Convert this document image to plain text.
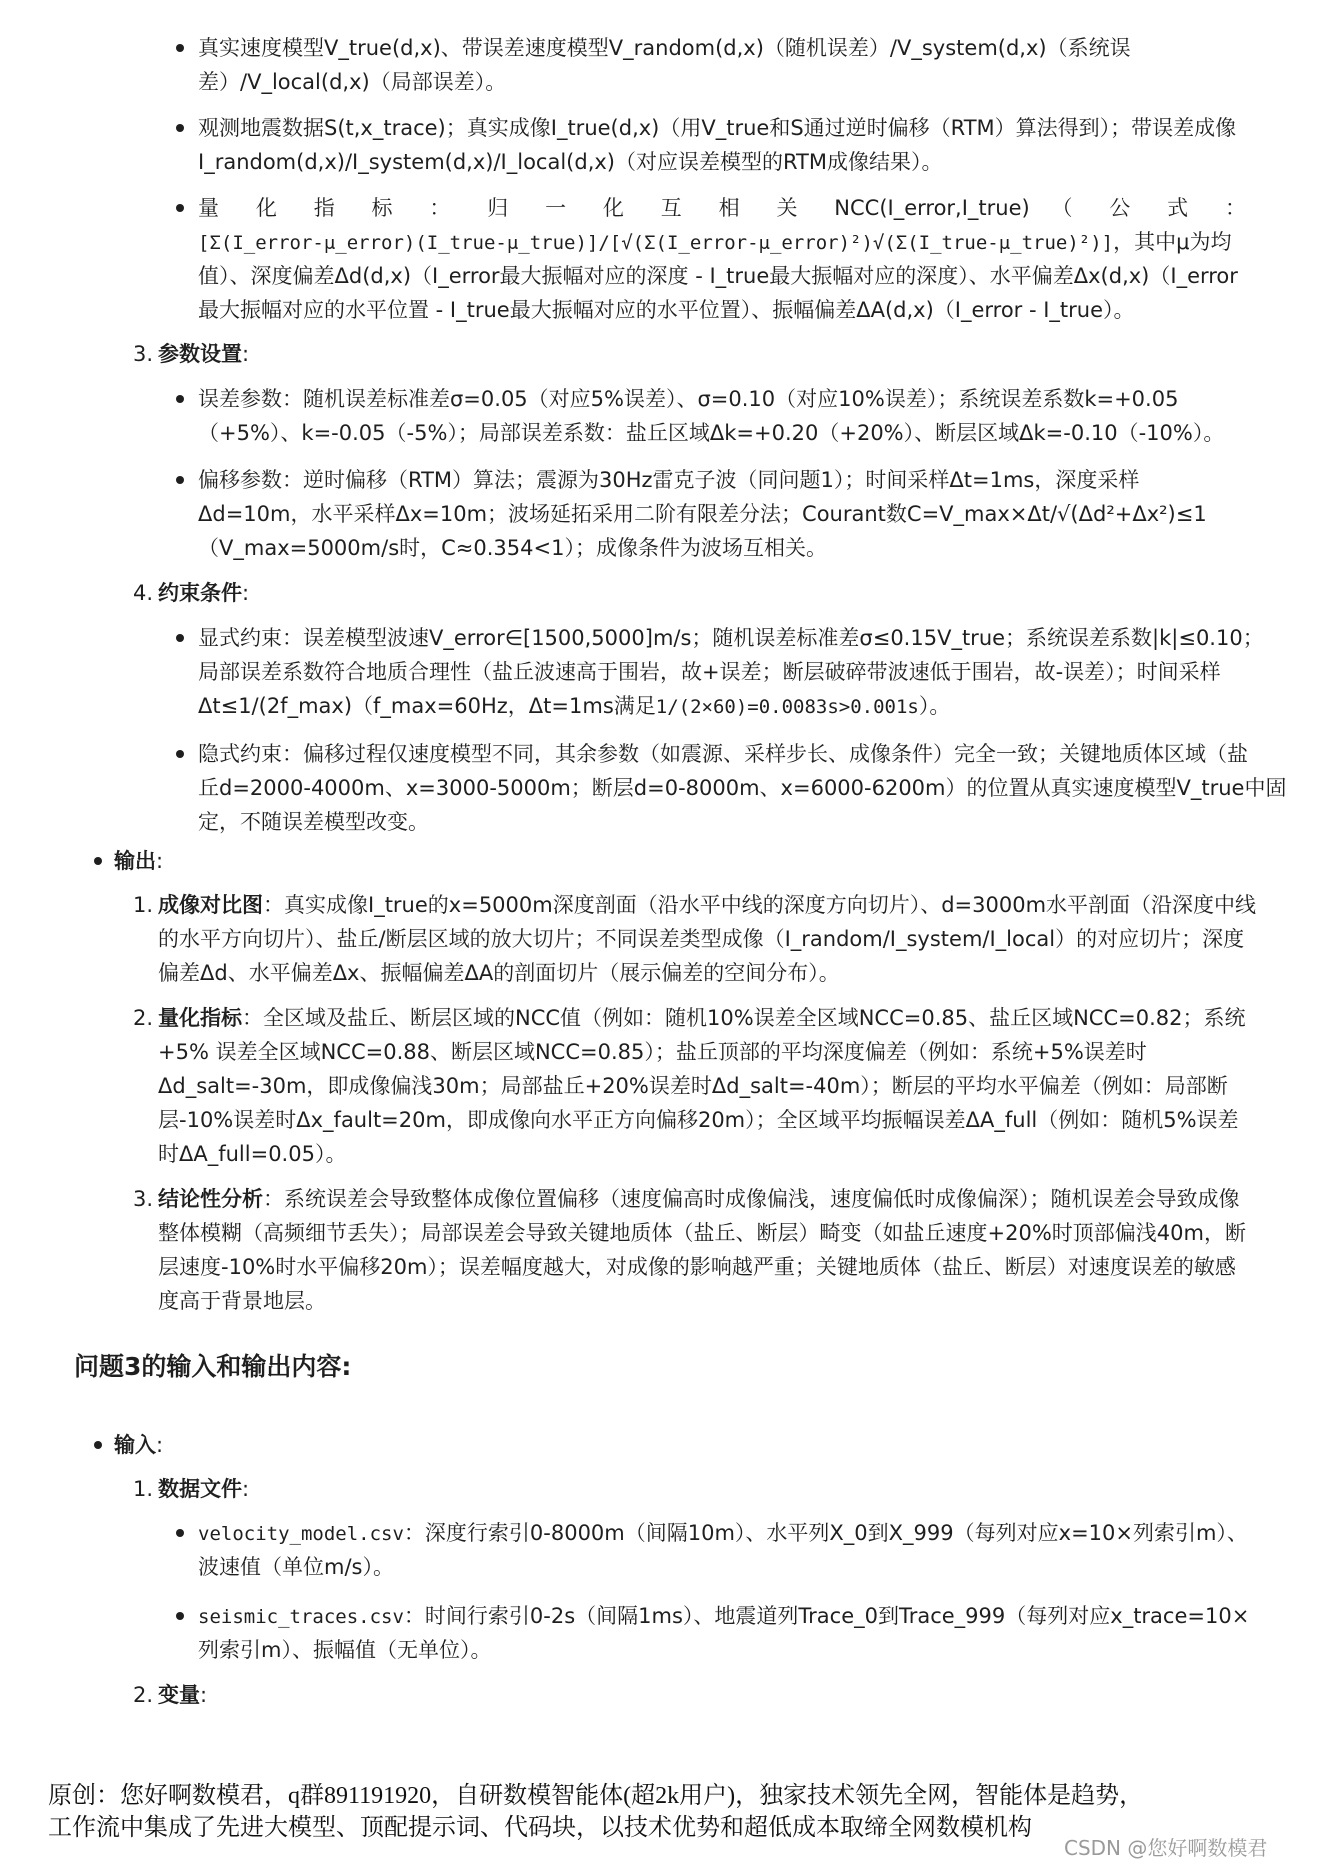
真实速度模型V_true(d,x)、带误差速度模型V_random(d,x)（随机误差）/V_system(d,x)（系统误
差）/V_local(d,x)（局部误差）。
观测地震数据S(t,x_trace)；真实成像I_true(d,x)（用V_true和S通过逆时偏移（RTM）算法得到）；带误差成像
I_random(d,x)/I_system(d,x)/I_local(d,x)（对应误差模型的RTM成像结果）。
量 化 指 标 ： 归 一 化 互 相 关 NCC(I_error,I_true) （ 公 式 ：
[Σ(I_error-μ_error)(I_true-μ_true)]/[√(Σ(I_error-μ_error)²)√(Σ(I_true-μ_true)²)]，其中μ为均
值）、深度偏差Δd(d,x)（I_error最大振幅对应的深度 - I_true最大振幅对应的深度）、水平偏差Δx(d,x)（I_error
最大振幅对应的水平位置 - I_true最大振幅对应的水平位置）、振幅偏差ΔA(d,x)（I_error - I_true）。
3. 参数设置:
误差参数：随机误差标准差σ=0.05（对应5%误差）、σ=0.10（对应10%误差）；系统误差系数k=+0.05
（+5%）、k=-0.05（-5%）；局部误差系数：盐丘区域Δk=+0.20（+20%）、断层区域Δk=-0.10（-10%）。
偏移参数：逆时偏移（RTM）算法；震源为30Hz雷克子波（同问题1）；时间采样Δt=1ms，深度采样
Δd=10m，水平采样Δx=10m；波场延拓采用二阶有限差分法；Courant数C=V_max×Δt/√(Δd²+Δx²)≤1
（V_max=5000m/s时，C≈0.354<1）；成像条件为波场互相关。
4. 约束条件:
显式约束：误差模型波速V_error∈[1500,5000]m/s；随机误差标准差σ≤0.15V_true；系统误差系数|k|≤0.10；
局部误差系数符合地质合理性（盐丘波速高于围岩，故+误差；断层破碎带波速低于围岩，故-误差）；时间采样
Δt≤1/(2f_max)（f_max=60Hz，Δt=1ms满足1/(2×60)=0.0083s>0.001s）。
隐式约束：偏移过程仅速度模型不同，其余参数（如震源、采样步长、成像条件）完全一致；关键地质体区域（盐
丘d=2000-4000m、x=3000-5000m；断层d=0-8000m、x=6000-6200m）的位置从真实速度模型V_true中固
定，不随误差模型改变。
输出:
1. 成像对比图：真实成像I_true的x=5000m深度剖面（沿水平中线的深度方向切片）、d=3000m水平剖面（沿深度中线
的水平方向切片）、盐丘/断层区域的放大切片；不同误差类型成像（I_random/I_system/I_local）的对应切片；深度
偏差Δd、水平偏差Δx、振幅偏差ΔA的剖面切片（展示偏差的空间分布）。
2. 量化指标：全区域及盐丘、断层区域的NCC值（例如：随机10%误差全区域NCC=0.85、盐丘区域NCC=0.82；系统
+5% 误差全区域NCC=0.88、断层区域NCC=0.85）；盐丘顶部的平均深度偏差（例如：系统+5%误差时
Δd_salt=-30m，即成像偏浅30m；局部盐丘+20%误差时Δd_salt=-40m）；断层的平均水平偏差（例如：局部断
层-10%误差时Δx_fault=20m，即成像向水平正方向偏移20m）；全区域平均振幅误差ΔA_full（例如：随机5%误差
时ΔA_full=0.05）。
3. 结论性分析：系统误差会导致整体成像位置偏移（速度偏高时成像偏浅，速度偏低时成像偏深）；随机误差会导致成像
整体模糊（高频细节丢失）；局部误差会导致关键地质体（盐丘、断层）畸变（如盐丘速度+20%时顶部偏浅40m，断
层速度-10%时水平偏移20m）；误差幅度越大，对成像的影响越严重；关键地质体（盐丘、断层）对速度误差的敏感
度高于背景地层。
问题3的输入和输出内容:
输入:
1. 数据文件:
velocity_model.csv：深度行索引0-8000m（间隔10m）、水平列X_0到X_999（每列对应x=10×列索引m）、
波速值（单位m/s）。
seismic_traces.csv：时间行索引0-2s（间隔1ms）、地震道列Trace_0到Trace_999（每列对应x_trace=10×
列索引m）、振幅值（无单位）。
2. 变量:
原创：您好啊数模君，q群891191920，自研数模智能体(超2k用户)，独家技术领先全网，智能体是趋势，
工作流中集成了先进大模型、顶配提示词、代码块，以技术优势和超低成本取缔全网数模机构
CSDN @您好啊数模君
